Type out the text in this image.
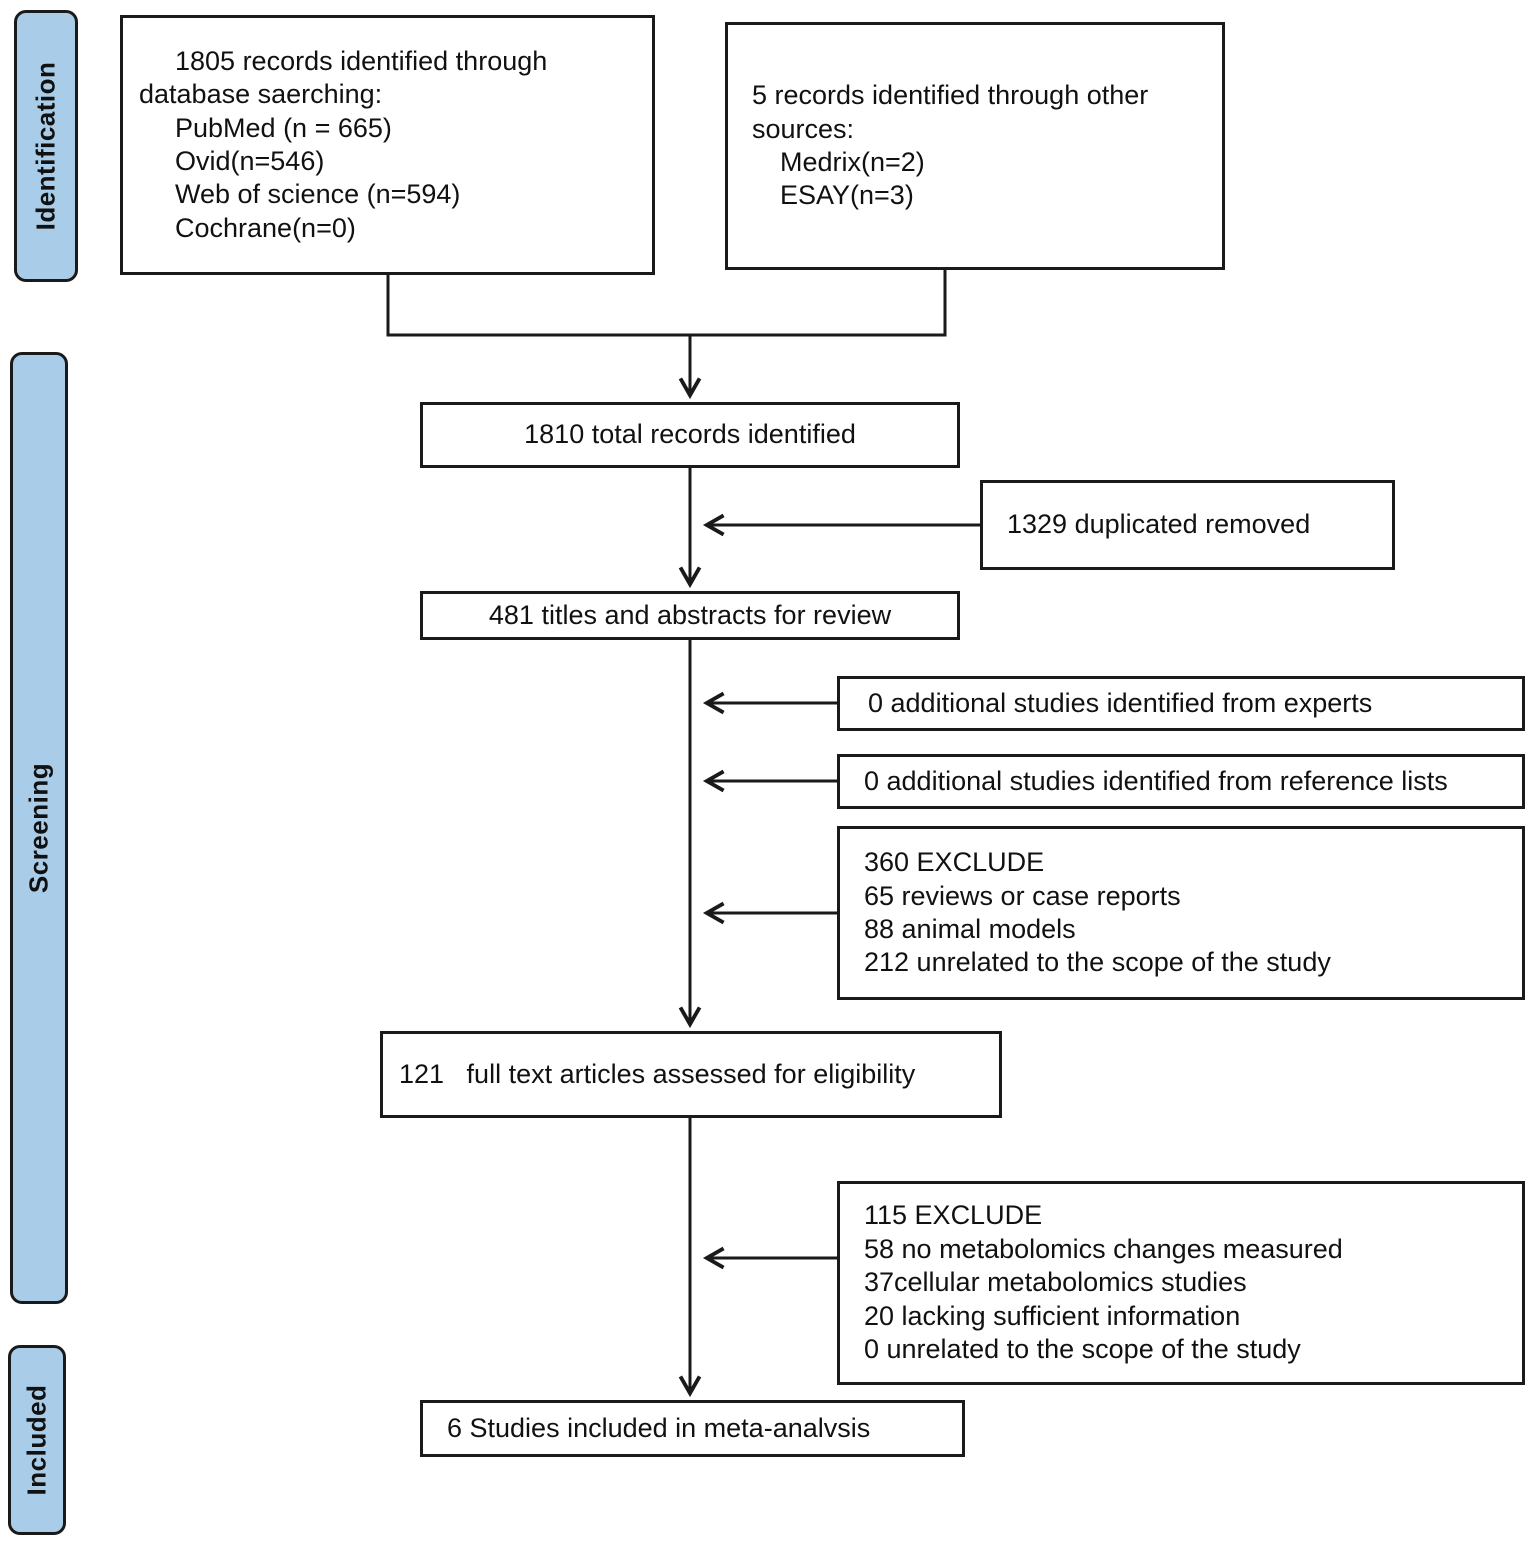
Identification
Screening
Included
1805 records identified through
database saerching:
PubMed (n = 665)
Ovid(n=546)
Web of science (n=594)
Cochrane(n=0)
5 records identified through other
sources:
Medrix(n=2)
ESAY(n=3)
1810 total records identified
1329 duplicated removed
481 titles and abstracts for review
0 additional studies identified from experts
0 additional studies identified from reference lists
360 EXCLUDE
65 reviews or case reports
88 animal models
212 unrelated to the scope of the study
121   full text articles assessed for eligibility
115 EXCLUDE
58 no metabolomics changes measured
37cellular metabolomics studies
20 lacking sufficient information
0 unrelated to the scope of the study
6 Studies included in meta-analvsis
